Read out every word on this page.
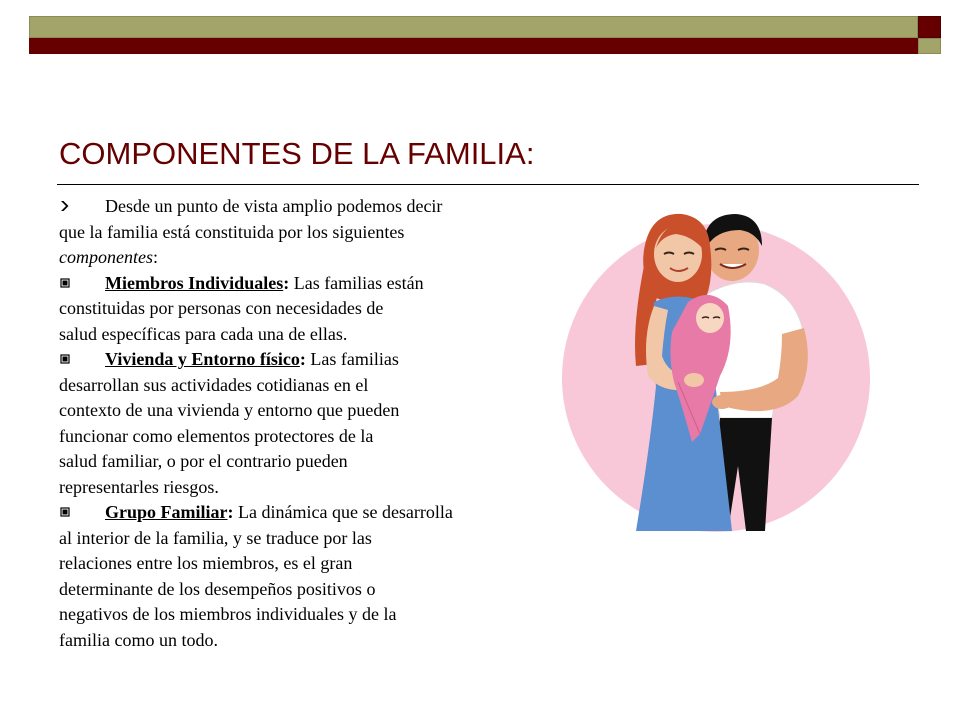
COMPONENTES DE LA FAMILIA:
Desde un punto de vista amplio podemos decir
que la familia está constituida por los siguientes
componentes:
Miembros Individuales: Las familias están
constituidas por personas con necesidades de
salud específicas para cada una de ellas.
Vivienda y Entorno físico: Las familias
desarrollan sus actividades cotidianas en el
contexto de una vivienda y entorno que pueden
funcionar como elementos protectores de la
salud familiar, o por el contrario pueden
representarles riesgos.
Grupo Familiar: La dinámica que se desarrolla
al interior de la familia, y se traduce por las
relaciones entre los miembros, es el gran
determinante de los desempeños positivos o
negativos de los miembros individuales y de la
familia como un todo.
